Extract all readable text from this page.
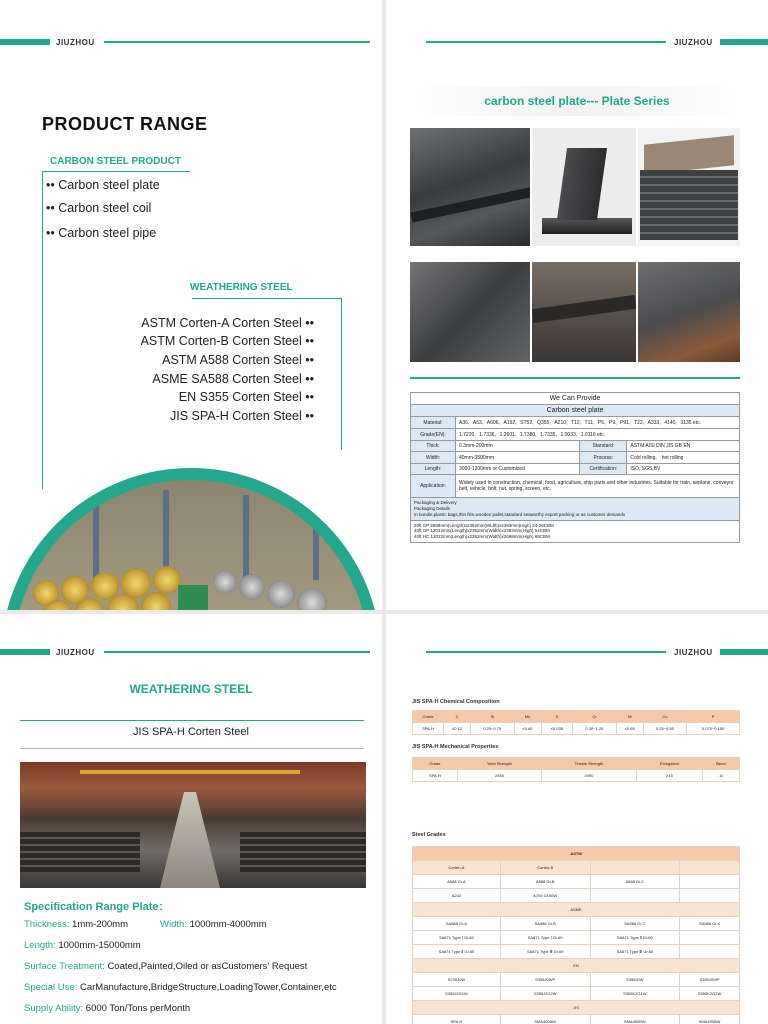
JIUZHOU
PRODUCT RANGE
CARBON STEEL PRODUCT
•• Carbon steel plate
•• Carbon steel coil
•• Carbon steel pipe
WEATHERING STEEL
ASTM Corten-A Corten Steel ••
ASTM Corten-B Corten Steel ••
ASTM A588 Corten Steel ••
ASME SA588 Corten Steel ••
EN S355 Corten Steel ••
JIS SPA-H Corten Steel ••
JIUZHOU
carbon steel plate--- Plate Series
We Can Provide			
Carbon steel plate			
Material:	A36、A53、A606、A192、ST52、Q355、A210、T12、T11、P5、P9、P91、T22、A333、4140、3135 etc.		
Grade(EN):	1.7220、1.7336、1.2601、1.7380、1.7335、1.0033、1.0116 etc.		
Thick:	0.3mm-200mm	Standard:	ASTM AISI DIN JIS GB EN
Width:	40mm-3500mm	Process:	Cold rolling、 hot rolling
Length:	3000-1200mm or Customized	Certification:	ISO, SGS,BV
Application:	Widely used in construction, chemical, food, agriculture, ship parts and other industries. Suitable for train, airplane, conveyor belt, vehicle, bolt, nut, spring, screen, etc.		

Packaging & Delivery
Packaging Details
In bundle,plastic bags,thin film,wooden pallet,standard seaworthy export packing or as customer demands			

20ft GP 5898mm(Length)x2352mm(Width)x2393mm(High) 24-26CBM
40ft GP 12032mm(Length)x2352mm(Width)x2393mm(High) 54CBM
40ft HC 12032mm(Length)x2352mm(Width)x2698mm(High) 68CBM			
JIUZHOU
WEATHERING STEEL
JIS SPA-H Corten Steel
Specification Range Plate：
Thickness: 1mm-200mm	Width: 1000mm-4000mm
Length: 1000mm-15000mm
Surface Treatment: Coated,Painted,Oiled or asCustomers' Request
Special Use: CarManufacture,BridgeStructure,LoadingTower,Container,etc
Supply Ability: 6000 Ton/Tons perMonth
JIUZHOU
JIS SPA-H Chemical Composition
Grade	C	Si	Mn	S	Cr	Ni	Cu	P
SPA-H	≤0.12	0.25~0.75	≤0.60	≤0.035	0.30~1.25	≤0.65	0.25~0.55	0.070~0.150
JIS SPA-H Mechanical Properties
Grade	Yield Strength	Tensile Strength	Elongation	Bend
SPA-H	≥355	≥490	≥15	1t
Steel Grades
ASTM			
Corten-A	Corten-B		
A588 Gr.A	A588 Gr.B	A588 Gr.C	
A242	A709 Gr.50W		
ASME			
SA588 Gr.A	SA588 Gr.B	SA588 Gr.C	SA588 Gr.K
SA871 Type Ⅰ Gr.60	SA871 Type Ⅰ Gr.65	SA871 Type Ⅱ Gr.60	
SA871 Type Ⅱ Gr.65	SA871 Type Ⅲ Gr.65	SA871 Type Ⅲ Gr.65	
EN			
S235J0W	S355J0WP	S355J0W	S355J0WP
S355J2G1W	S355J2G2W	S355K2G1W	S355K2G2W
JIS			
SPA-H	SMA400AW	SMA490BW	SMA490BW
